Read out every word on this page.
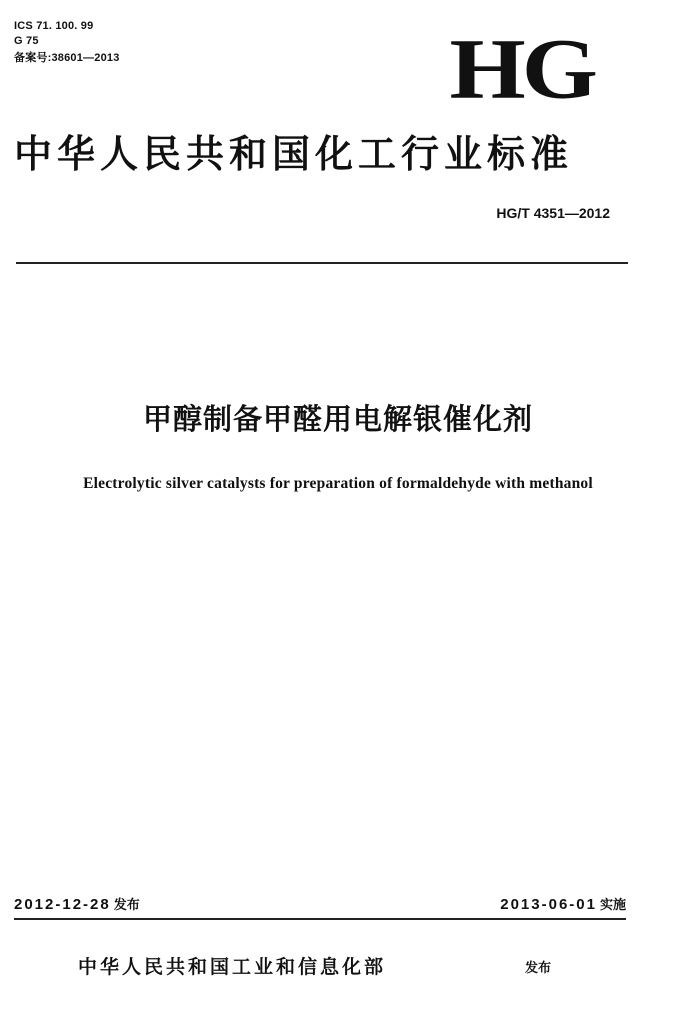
ICS 71. 100. 99
G 75
备案号:38601—2013	HG
中华人民共和国化工行业标准
HG/T 4351—2012
甲醇制备甲醛用电解银催化剂
Electrolytic silver catalysts for preparation of formaldehyde with methanol
2012-12-28 发布	2013-06-01 实施
中华人民共和国工业和信息化部	发布
